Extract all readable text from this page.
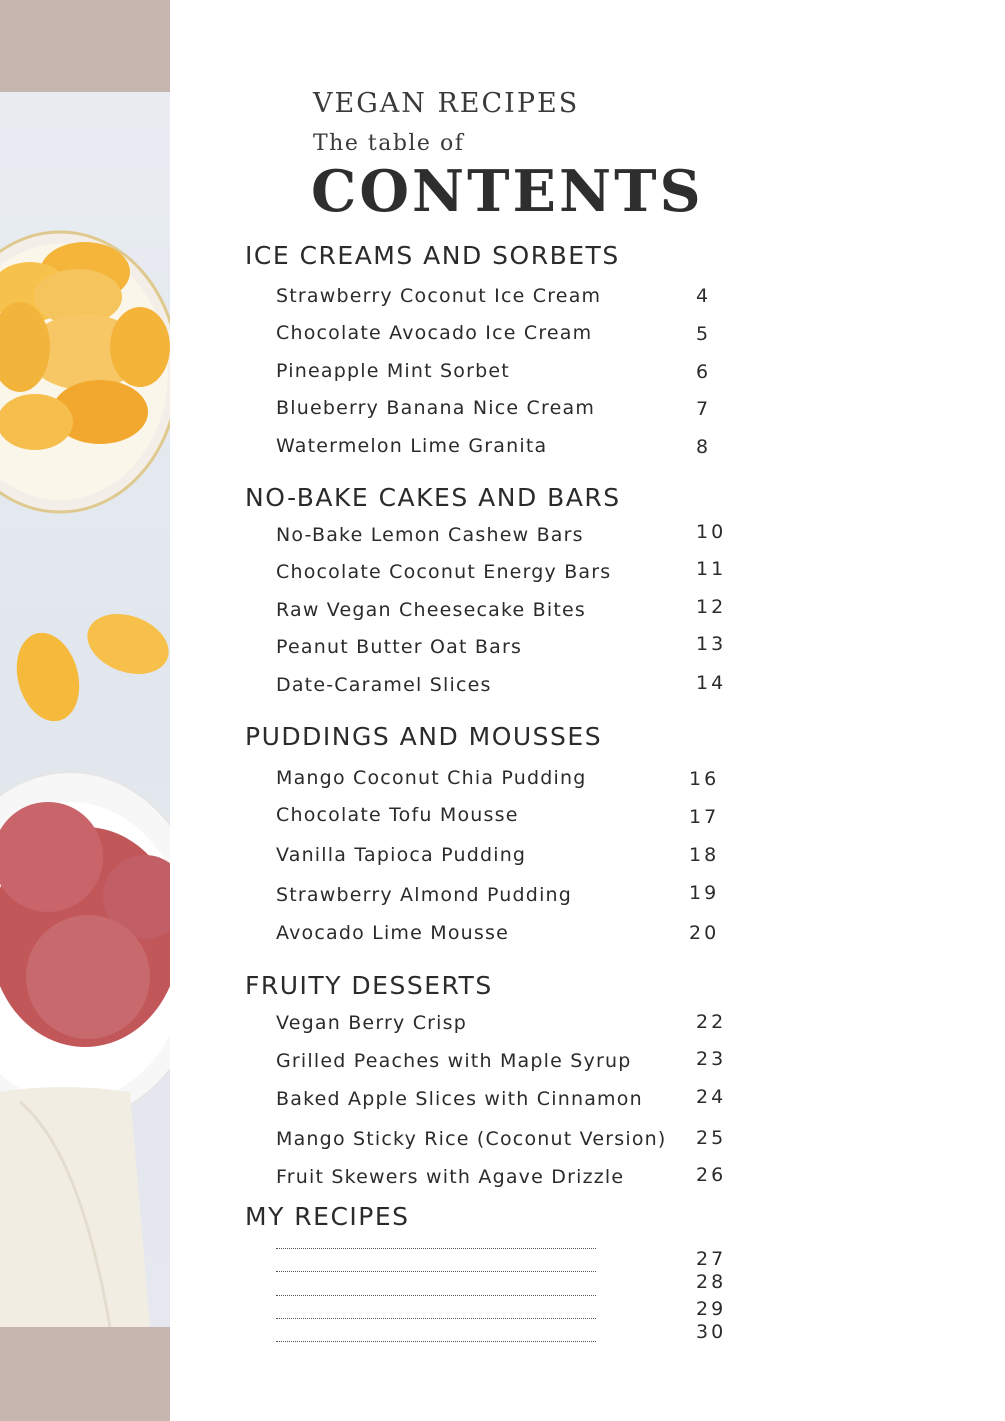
VEGAN RECIPES
The table of
CONTENTS
ICE CREAMS AND SORBETS
Strawberry Coconut Ice Cream	4
Chocolate Avocado Ice Cream	5
Pineapple Mint Sorbet	6
Blueberry Banana Nice Cream	7
Watermelon Lime Granita	8
NO-BAKE CAKES AND BARS
No-Bake Lemon Cashew Bars	10
Chocolate Coconut Energy Bars	11
Raw Vegan Cheesecake Bites	12
Peanut Butter Oat Bars	13
Date-Caramel Slices	14
PUDDINGS AND MOUSSES
Mango Coconut Chia Pudding	16
Chocolate Tofu Mousse	17
Vanilla Tapioca Pudding	18
Strawberry Almond Pudding	19
Avocado Lime Mousse	20
FRUITY DESSERTS
Vegan Berry Crisp	22
Grilled Peaches with Maple Syrup	23
Baked Apple Slices with Cinnamon	24
Mango Sticky Rice (Coconut Version) 25
Fruit Skewers with Agave Drizzle	26
MY RECIPES
27
28
29
30
